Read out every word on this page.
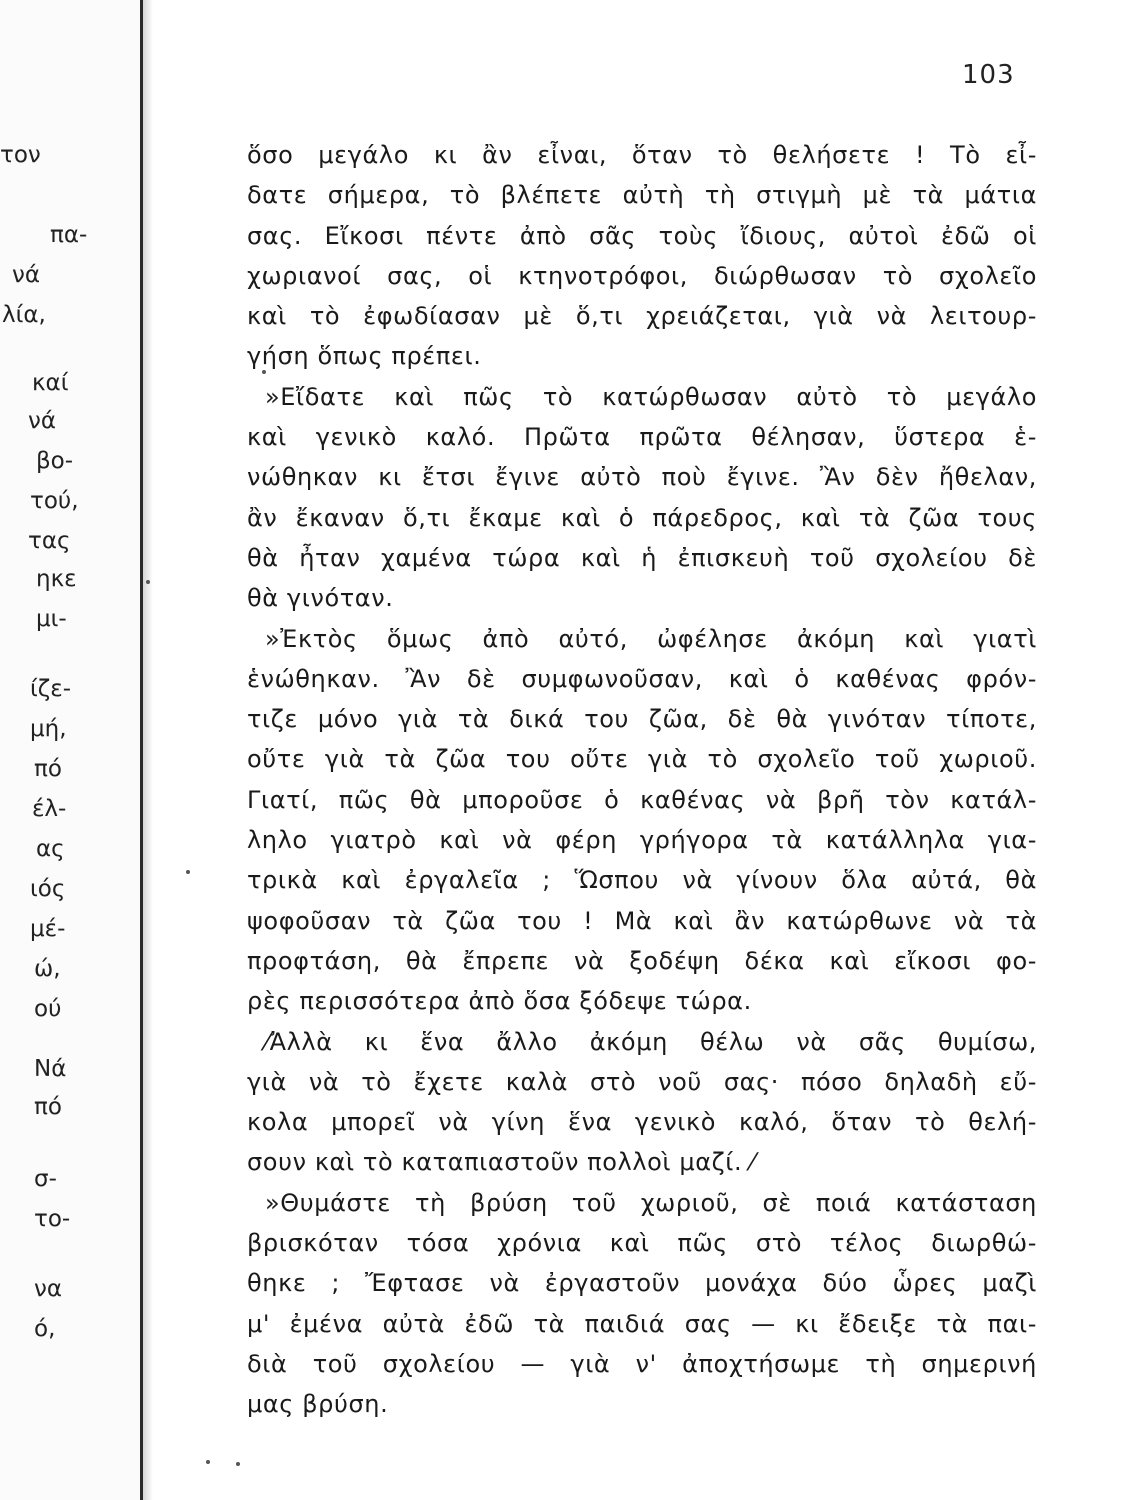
τον
πα-
νά
λία,
καί
νά
βο-
τού,
τας
ηκε
μι-
ίζε-
μή,
πό
έλ-
ας
ιός
μέ-
ώ,
ού
Νά
πό
σ-
το-
να
ό,
103
ὅσο μεγάλο κι ἂν εἶναι, ὅταν τὸ θελήσετε ! Τὸ εἶ-
δατε σήμερα, τὸ βλέπετε αὐτὴ τὴ στιγμὴ μὲ τὰ μάτια
σας. Εἴκοσι πέντε ἀπὸ σᾶς τοὺς ἴδιους, αὐτοὶ ἐδῶ οἱ
χωριανοί σας, οἱ κτηνοτρόφοι, διώρθωσαν τὸ σχολεῖο
καὶ τὸ ἐφωδίασαν μὲ ὅ,τι χρειάζεται, γιὰ νὰ λειτουρ-
γήση ὅπως πρέπει.
»Εἴδατε καὶ πῶς τὸ κατώρθωσαν αὐτὸ τὸ μεγάλο
καὶ γενικὸ καλό. Πρῶτα πρῶτα θέλησαν, ὕστερα ἑ-
νώθηκαν κι ἔτσι ἔγινε αὐτὸ ποὺ ἔγινε. Ἂν δὲν ἤθελαν,
ἂν ἔκαναν ὅ,τι ἔκαμε καὶ ὁ πάρεδρος, καὶ τὰ ζῶα τους
θὰ ἦταν χαμένα τώρα καὶ ἡ ἐπισκευὴ τοῦ σχολείου δὲ
θὰ γινόταν.
»Ἐκτὸς ὅμως ἀπὸ αὐτό, ὠφέλησε ἀκόμη καὶ γιατὶ
ἑνώθηκαν. Ἂν δὲ συμφωνοῦσαν, καὶ ὁ καθένας φρόν-
τιζε μόνο γιὰ τὰ δικά του ζῶα, δὲ θὰ γινόταν τίποτε,
οὔτε γιὰ τὰ ζῶα του οὔτε γιὰ τὸ σχολεῖο τοῦ χωριοῦ.
Γιατί, πῶς θὰ μποροῦσε ὁ καθένας νὰ βρῆ τὸν κατάλ-
ληλο γιατρὸ καὶ νὰ φέρη γρήγορα τὰ κατάλληλα για-
τρικὰ καὶ ἐργαλεῖα ; Ὥσπου νὰ γίνουν ὅλα αὐτά, θὰ
ψοφοῦσαν τὰ ζῶα του ! Μὰ καὶ ἂν κατώρθωνε νὰ τὰ
προφτάση, θὰ ἔπρεπε νὰ ξοδέψη δέκα καὶ εἴκοσι φο-
ρὲς περισσότερα ἀπὸ ὅσα ξόδεψε τώρα.
⁄Ἀλλὰ κι ἕνα ἄλλο ἀκόμη θέλω νὰ σᾶς θυμίσω,
γιὰ νὰ τὸ ἔχετε καλὰ στὸ νοῦ σας· πόσο δηλαδὴ εὔ-
κολα μπορεῖ νὰ γίνη ἕνα γενικὸ καλό, ὅταν τὸ θελή-
σουν καὶ τὸ καταπιαστοῦν πολλοὶ μαζί. ⁄
»Θυμάστε τὴ βρύση τοῦ χωριοῦ, σὲ ποιά κατάσταση
βρισκόταν τόσα χρόνια καὶ πῶς στὸ τέλος διωρθώ-
θηκε ; Ἔφτασε νὰ ἐργαστοῦν μονάχα δύο ὧρες μαζὶ
μ' ἐμένα αὐτὰ ἐδῶ τὰ παιδιά σας — κι ἔδειξε τὰ παι-
διὰ τοῦ σχολείου — γιὰ ν' ἀποχτήσωμε τὴ σημερινή
μας βρύση.
